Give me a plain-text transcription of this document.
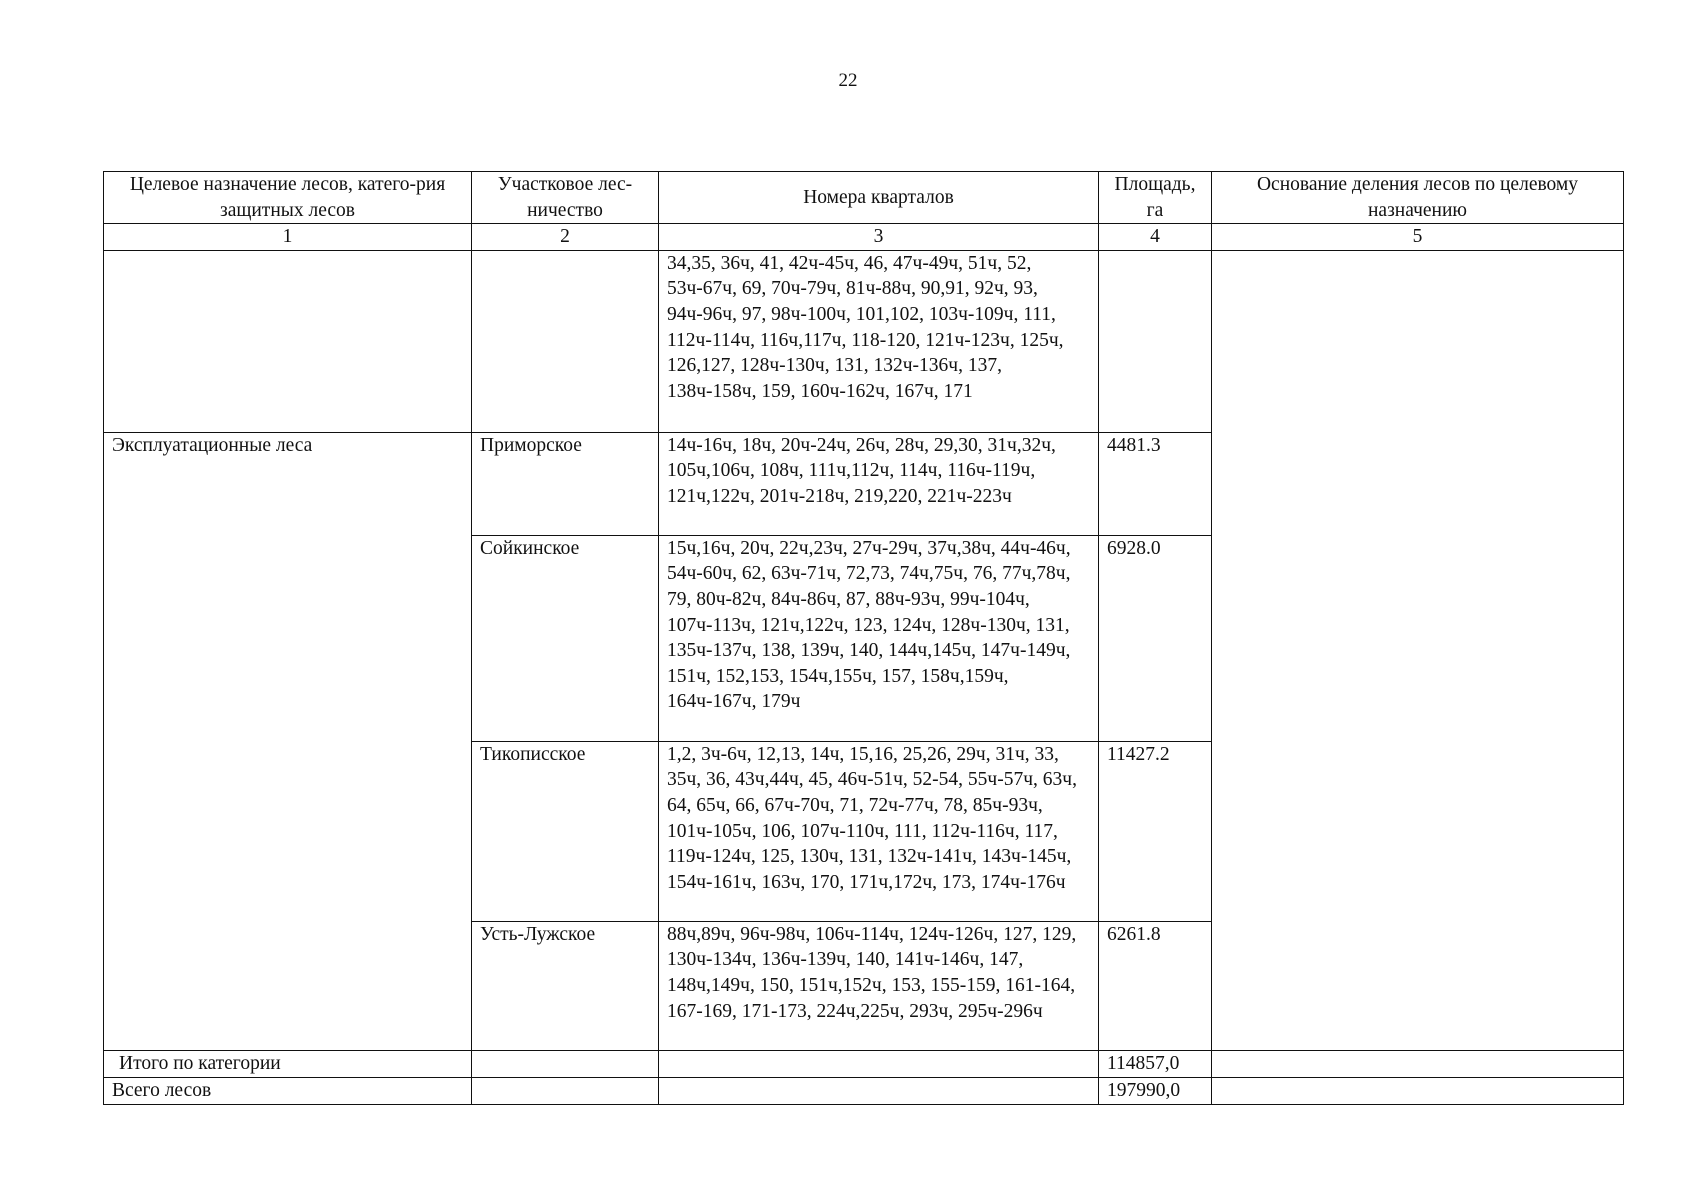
22
Целевое назначение лесов, катего-рия защитных лесов	Участковое лес-ничество	Номера кварталов	Площадь, га	Основание деления лесов по целевому назначению
1	2	3	4	5
		34,35, 36ч, 41, 42ч-45ч, 46, 47ч-49ч, 51ч, 52, 53ч-67ч, 69, 70ч-79ч, 81ч-88ч, 90,91, 92ч, 93, 94ч-96ч, 97, 98ч-100ч, 101,102, 103ч-109ч, 111, 112ч-114ч, 116ч,117ч, 118-120, 121ч-123ч, 125ч, 126,127, 128ч-130ч, 131, 132ч-136ч, 137, 138ч-158ч, 159, 160ч-162ч, 167ч, 171		
Эксплуатационные леса	Приморское	14ч-16ч, 18ч, 20ч-24ч, 26ч, 28ч, 29,30, 31ч,32ч, 105ч,106ч, 108ч, 111ч,112ч, 114ч, 116ч-119ч, 121ч,122ч, 201ч-218ч, 219,220, 221ч-223ч	4481.3	
	Сойкинское	15ч,16ч, 20ч, 22ч,23ч, 27ч-29ч, 37ч,38ч, 44ч-46ч, 54ч-60ч, 62, 63ч-71ч, 72,73, 74ч,75ч, 76, 77ч,78ч, 79, 80ч-82ч, 84ч-86ч, 87, 88ч-93ч, 99ч-104ч, 107ч-113ч, 121ч,122ч, 123, 124ч, 128ч-130ч, 131, 135ч-137ч, 138, 139ч, 140, 144ч,145ч, 147ч-149ч, 151ч, 152,153, 154ч,155ч, 157, 158ч,159ч, 164ч-167ч, 179ч	6928.0	
	Тикописское	1,2, 3ч-6ч, 12,13, 14ч, 15,16, 25,26, 29ч, 31ч, 33, 35ч, 36, 43ч,44ч, 45, 46ч-51ч, 52-54, 55ч-57ч, 63ч, 64, 65ч, 66, 67ч-70ч, 71, 72ч-77ч, 78, 85ч-93ч, 101ч-105ч, 106, 107ч-110ч, 111, 112ч-116ч, 117, 119ч-124ч, 125, 130ч, 131, 132ч-141ч, 143ч-145ч, 154ч-161ч, 163ч, 170, 171ч,172ч, 173, 174ч-176ч	11427.2	
	Усть-Лужское	88ч,89ч, 96ч-98ч, 106ч-114ч, 124ч-126ч, 127, 129, 130ч-134ч, 136ч-139ч, 140, 141ч-146ч, 147, 148ч,149ч, 150, 151ч,152ч, 153, 155-159, 161-164, 167-169, 171-173, 224ч,225ч, 293ч, 295ч-296ч	6261.8	
Итого по категории			114857,0	
Всего лесов			197990,0	
